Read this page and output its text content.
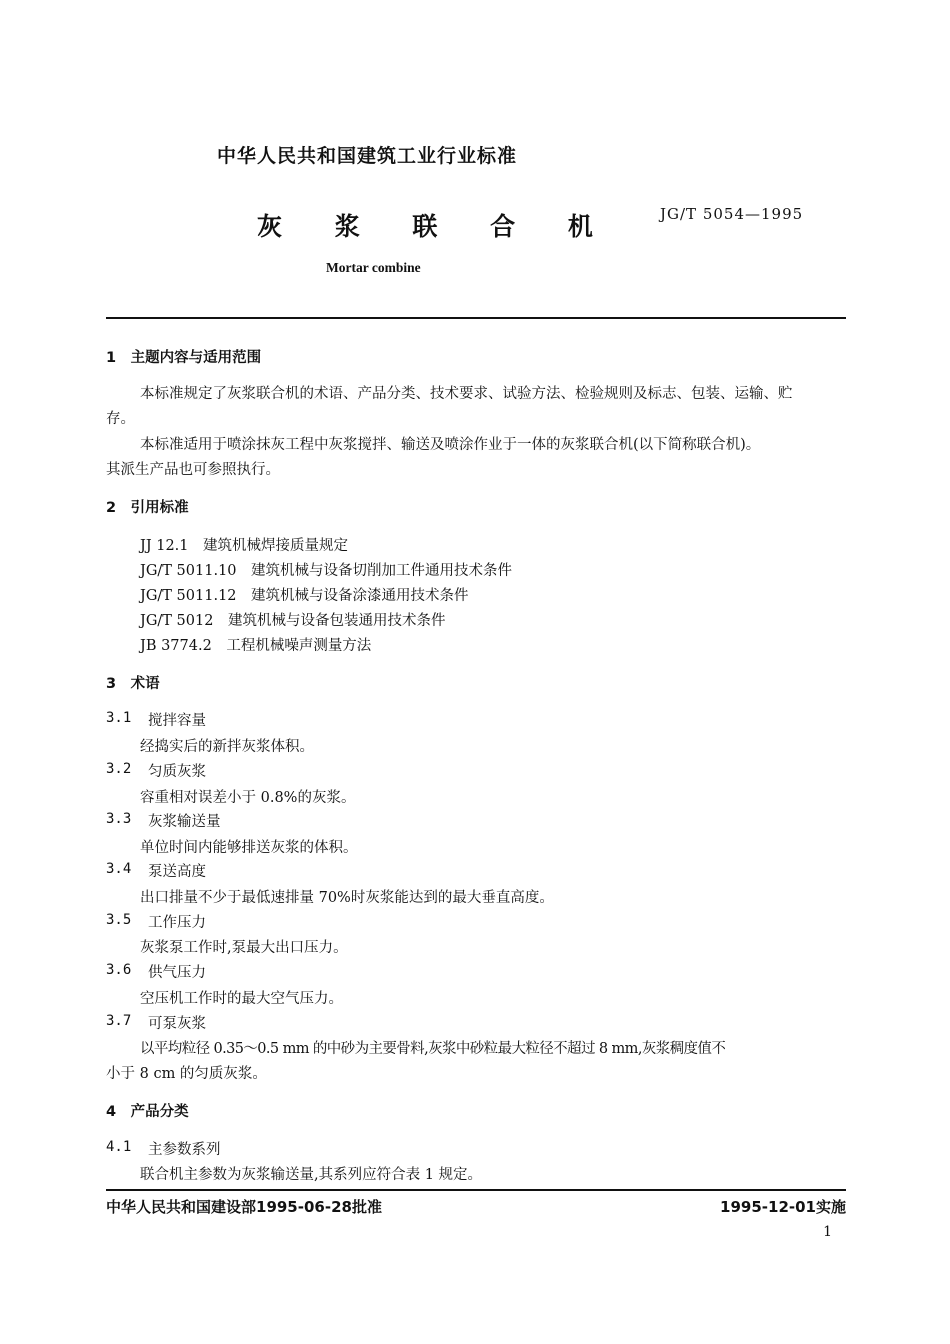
中华人民共和国建筑工业行业标准
灰 浆 联 合 机	JG/T 5054—1995
Mortar combine
1　主题内容与适用范围
本标准规定了灰浆联合机的术语、产品分类、技术要求、试验方法、检验规则及标志、包装、运输、贮
存。
本标准适用于喷涂抹灰工程中灰浆搅拌、输送及喷涂作业于一体的灰浆联合机(以下简称联合机)。
其派生产品也可参照执行。
2　引用标准
JJ 12.1　建筑机械焊接质量规定
JG/T 5011.10　建筑机械与设备切削加工件通用技术条件
JG/T 5011.12　建筑机械与设备涂漆通用技术条件
JG/T 5012　建筑机械与设备包装通用技术条件
JB 3774.2　工程机械噪声测量方法
3　术语
3.1 搅拌容量
经捣实后的新拌灰浆体积。
3.2 匀质灰浆
容重相对误差小于 0.8%的灰浆。
3.3 灰浆输送量
单位时间内能够排送灰浆的体积。
3.4 泵送高度
出口排量不少于最低速排量 70%时灰浆能达到的最大垂直高度。
3.5 工作压力
灰浆泵工作时,泵最大出口压力。
3.6 供气压力
空压机工作时的最大空气压力。
3.7 可泵灰浆
以平均粒径 0.35～0.5 mm 的中砂为主要骨料,灰浆中砂粒最大粒径不超过 8 mm,灰浆稠度值不
小于 8 cm 的匀质灰浆。
4　产品分类
4.1 主参数系列
联合机主参数为灰浆输送量,其系列应符合表 1 规定。
中华人民共和国建设部1995-06-28批准	1995-12-01实施
1
